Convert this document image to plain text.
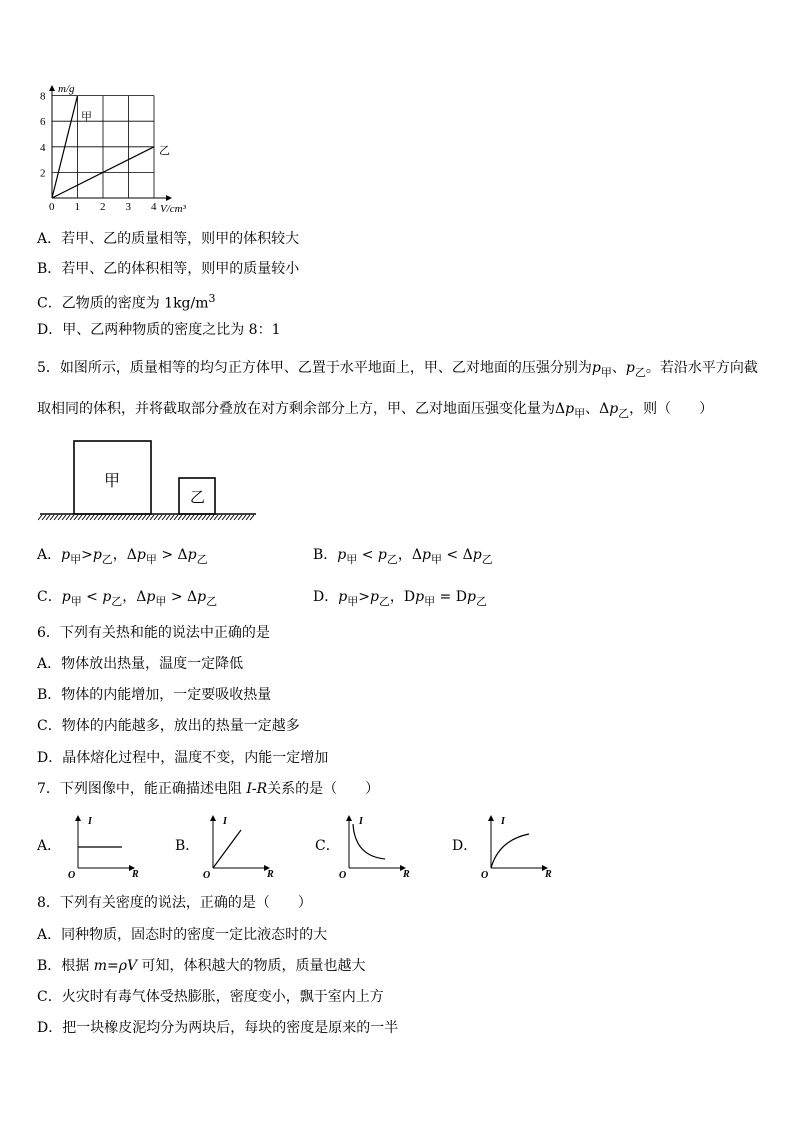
0 1 2 3 4
2
4
6
8
m/g
V/cm³
甲
乙
A．若甲、乙的质量相等，则甲的体积较大
B．若甲、乙的体积相等，则甲的质量较小
C．乙物质的密度为 $1kg/m^3$
D．甲、乙两种物质的密度之比为 8：1
5．如图所示，质量相等的均匀正方体甲、乙置于水平地面上，甲、乙对地面的压强分别为$p_甲$、$p_乙$。若沿水平方向截
取相同的体积，并将截取部分叠放在对方剩余部分上方，甲、乙对地面压强变化量为$\Delta p_甲$、$\Delta p_乙$，则（　　）
甲
乙
A．$p_甲>p_乙$，$\Delta p_甲 > \Delta p_乙$	B．$p_甲 < p_乙$，$\Delta p_甲 < \Delta p_乙$
C．$p_甲 < p_乙$，$\Delta p_甲 > \Delta p_乙$	D．$p_甲>p_乙$，$Dp_甲 = Dp_乙$
6．下列有关热和能的说法中正确的是
A．物体放出热量，温度一定降低
B．物体的内能增加，一定要吸收热量
C．物体的内能越多，放出的热量一定越多
D．晶体熔化过程中，温度不变，内能一定增加
7．下列图像中，能正确描述电阻 I-R关系的是（　　）
A．
I
R
O
B．
I
R
O
C．
I
R
O
D．
I
R
O
8．下列有关密度的说法，正确的是（　　）
A．同种物质，固态时的密度一定比液态时的大
B．根据 m=ρV 可知，体积越大的物质，质量也越大
C．火灾时有毒气体受热膨胀，密度变小，飘于室内上方
D．把一块橡皮泥均分为两块后，每块的密度是原来的一半
